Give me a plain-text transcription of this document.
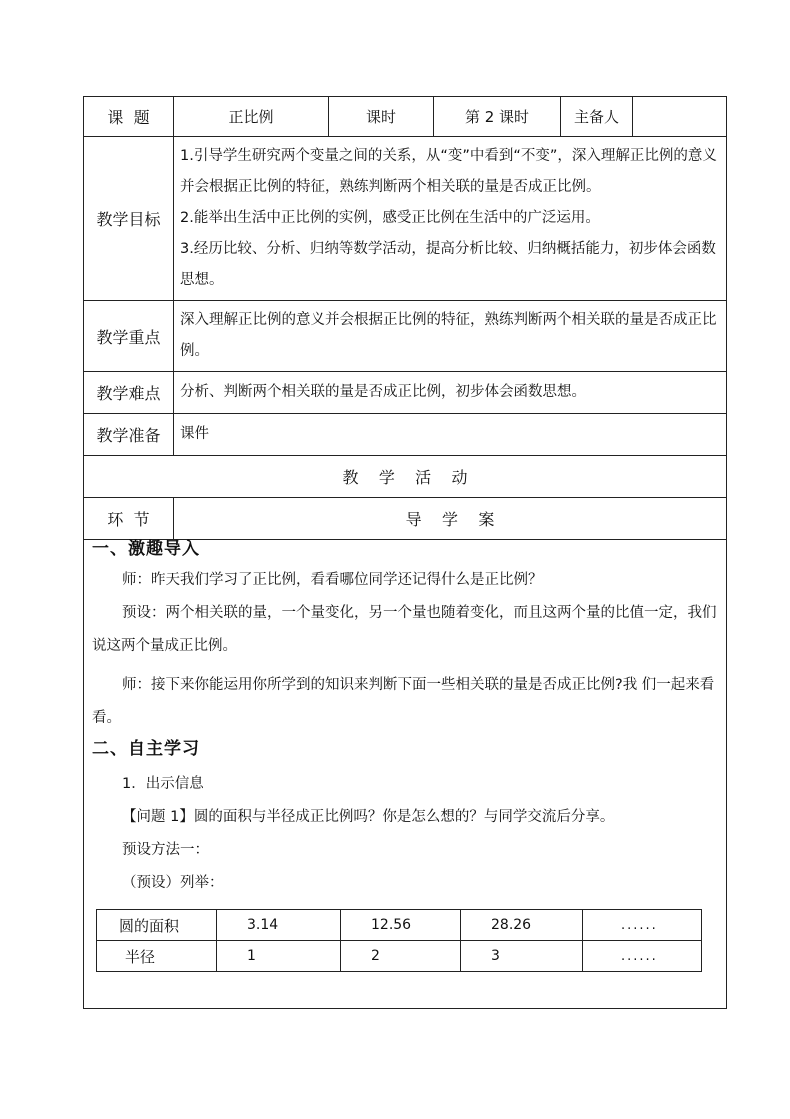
课  题	正比例	课时	第 2 课时	主备人	
教学目标	1.引导学生研究两个变量之间的关系，从“变”中看到“不变”，深入理解正比例的意义并会根据正比例的特征，熟练判断两个相关联的量是否成正比例。
2.能举出生活中正比例的实例，感受正比例在生活中的广泛运用。
3.经历比较、分析、归纳等数学活动，提高分析比较、归纳概括能力，初步体会函数思想。				

教学重点	深入理解正比例的意义并会根据正比例的特征，熟练判断两个相关联的量是否成正比例。				
教学难点	分析、判断两个相关联的量是否成正比例，初步体会函数思想。				
教学准备	课件				
教    学    活    动					
环  节	导    学    案				
一、激趣导入
师：昨天我们学习了正比例，看看哪位同学还记得什么是正比例？
预设：两个相关联的量，一个量变化，另一个量也随着变化，而且这两个量的比值一定，我们说这两个量成正比例。
师：接下来你能运用你所学到的知识来判断下面一些相关联的量是否成正比例?我 们一起来看看。
二、自主学习
1．出示信息
【问题 1】圆的面积与半径成正比例吗？你是怎么想的？与同学交流后分享。
预设方法一：
（预设）列举：
圆的面积	3.14	12.56	28.26	......
半径	1	2	3	......
